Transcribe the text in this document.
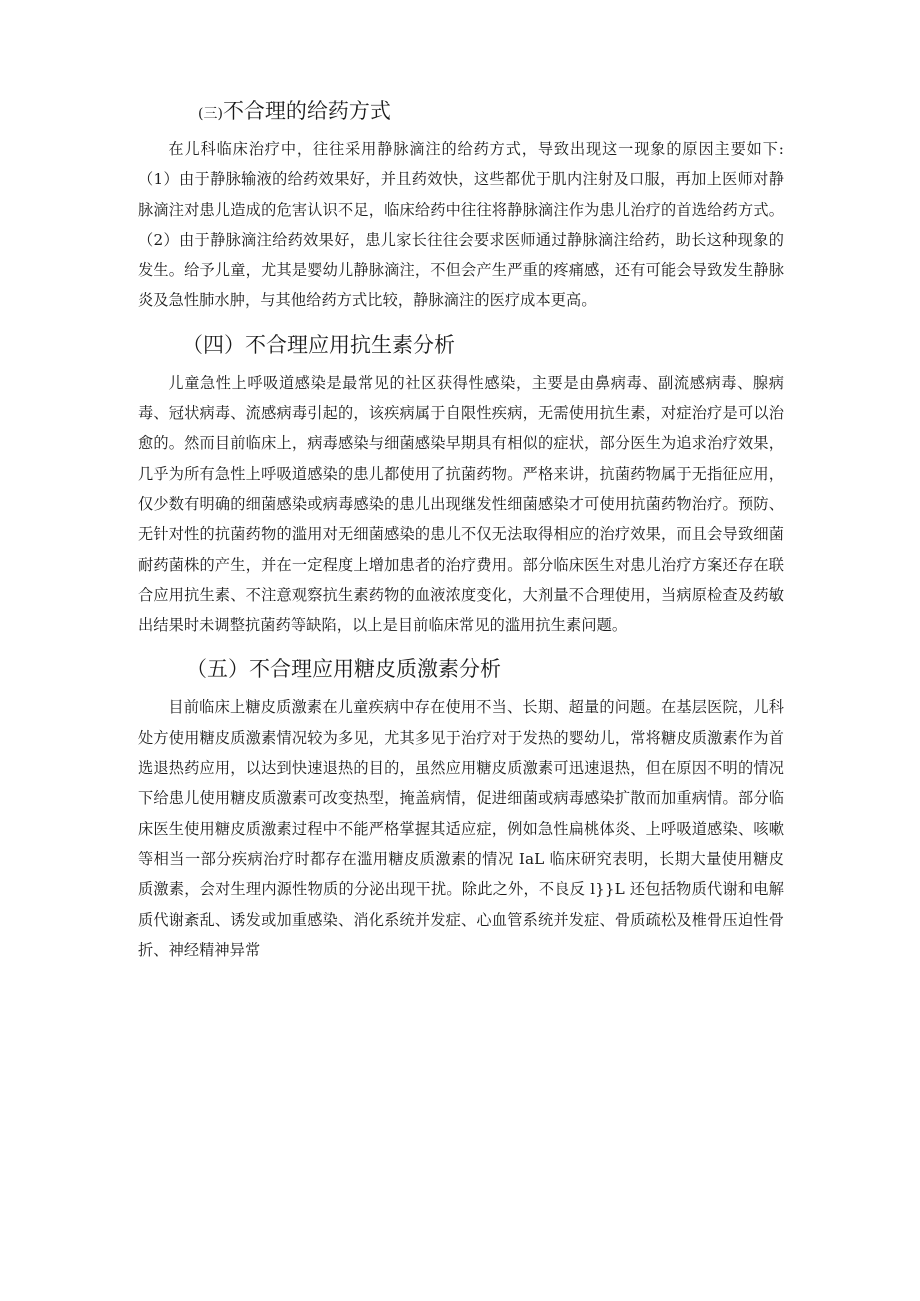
(三)不合理的给药方式

在儿科临床治疗中，往往采用静脉滴注的给药方式，导致出现这一现象的原因主要如下:（1）由于静脉输液的给药效果好，并且药效快，这些都优于肌内注射及口服，再加上医师对静脉滴注对患儿造成的危害认识不足，临床给药中往往将静脉滴注作为患儿治疗的首选给药方式。（2）由于静脉滴注给药效果好，患儿家长往往会要求医师通过静脉滴注给药，助长这种现象的发生。给予儿童，尤其是婴幼儿静脉滴注，不但会产生严重的疼痛感，还有可能会导致发生静脉炎及急性肺水肿，与其他给药方式比较，静脉滴注的医疗成本更高。

（四）不合理应用抗生素分析

儿童急性上呼吸道感染是最常见的社区获得性感染，主要是由鼻病毒、副流感病毒、腺病毒、冠状病毒、流感病毒引起的，该疾病属于自限性疾病，无需使用抗生素，对症治疗是可以治愈的。然而目前临床上，病毒感染与细菌感染早期具有相似的症状，部分医生为追求治疗效果，几乎为所有急性上呼吸道感染的患儿都使用了抗菌药物。严格来讲，抗菌药物属于无指征应用，仅少数有明确的细菌感染或病毒感染的患儿出现继发性细菌感染才可使用抗菌药物治疗。预防、无针对性的抗菌药物的滥用对无细菌感染的患儿不仅无法取得相应的治疗效果，而且会导致细菌耐药菌株的产生，并在一定程度上增加患者的治疗费用。部分临床医生对患儿治疗方案还存在联合应用抗生素、不注意观察抗生素药物的血液浓度变化，大剂量不合理使用，当病原检查及药敏出结果时未调整抗菌药等缺陷，以上是目前临床常见的滥用抗生素问题。

（五）不合理应用糖皮质激素分析

目前临床上糖皮质激素在儿童疾病中存在使用不当、长期、超量的问题。在基层医院，儿科处方使用糖皮质激素情况较为多见，尤其多见于治疗对于发热的婴幼儿，常将糖皮质激素作为首选退热药应用，以达到快速退热的目的，虽然应用糖皮质激素可迅速退热，但在原因不明的情况下给患儿使用糖皮质激素可改变热型，掩盖病情，促进细菌或病毒感染扩散而加重病情。部分临床医生使用糖皮质激素过程中不能严格掌握其适应症，例如急性扁桃体炎、上呼吸道感染、咳嗽等相当一部分疾病治疗时都存在滥用糖皮质激素的情况 IaL 临床研究表明，长期大量使用糖皮质激素，会对生理内源性物质的分泌出现干扰。除此之外，不良反 l}}L 还包括物质代谢和电解质代谢紊乱、诱发或加重感染、消化系统并发症、心血管系统并发症、骨质疏松及椎骨压迫性骨折、神经精神异常
